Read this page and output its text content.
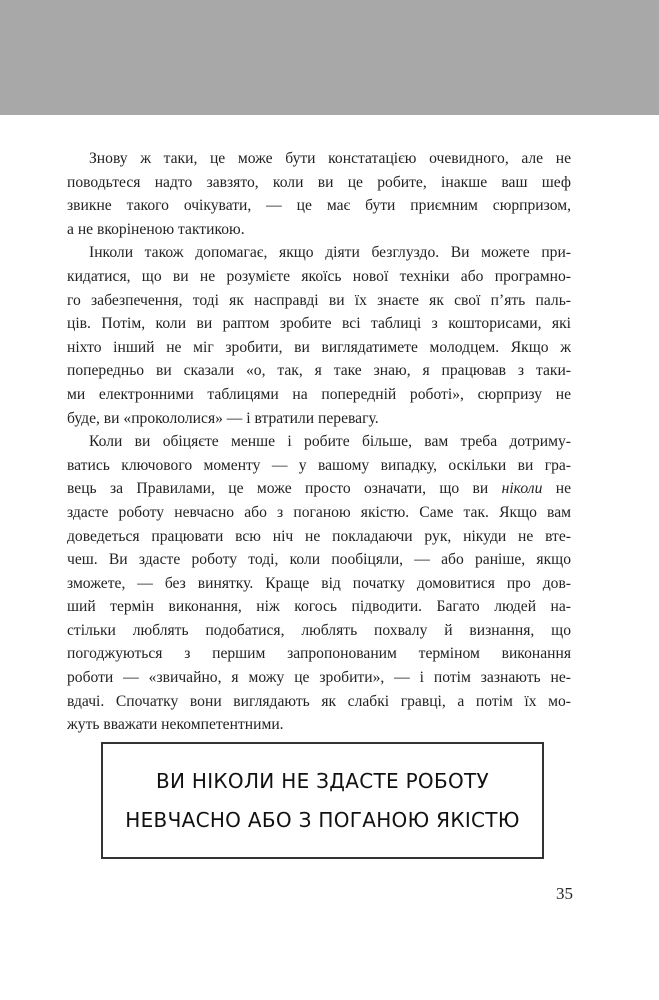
Знову ж таки, це може бути констатацією очевидного, але не
поводьтеся надто завзято, коли ви це робите, інакше ваш шеф
звикне такого очікувати, — це має бути приємним сюрпризом,
а не вкоріненою тактикою.

Інколи також допомагає, якщо діяти безглуздо. Ви можете при-
кидатися, що ви не розумієте якоїсь нової техніки або програмно-
го забезпечення, тоді як насправді ви їх знаєте як свої п’ять паль-
ців. Потім, коли ви раптом зробите всі таблиці з кошторисами, які
ніхто інший не міг зробити, ви виглядатимете молодцем. Якщо ж
попередньо ви сказали «о, так, я таке знаю, я працював з таки-
ми електронними таблицями на попередній роботі», сюрпризу не
буде, ви «прокололися» — і втратили перевагу.

Коли ви обіцяєте менше і робите більше, вам треба дотриму-
ватись ключового моменту — у вашому випадку, оскільки ви гра-
вець за Правилами, це може просто означати, що ви ніколи не
здасте роботу невчасно або з поганою якістю. Саме так. Якщо вам
доведеться працювати всю ніч не покладаючи рук, нікуди не вте-
чеш. Ви здасте роботу тоді, коли пообіцяли, — або раніше, якщо
зможете, — без винятку. Краще від початку домовитися про дов-
ший термін виконання, ніж когось підводити. Багато людей на-
стільки люблять подобатися, люблять похвалу й визнання, що
погоджуються з першим запропонованим терміном виконання
роботи — «звичайно, я можу це зробити», — і потім зазнають не-
вдачі. Спочатку вони виглядають як слабкі гравці, а потім їх мо-
жуть вважати некомпетентними.

ВИ НІКОЛИ НЕ ЗДАСТЕ РОБОТУ
НЕВЧАСНО АБО З ПОГАНОЮ ЯКІСТЮ
35
